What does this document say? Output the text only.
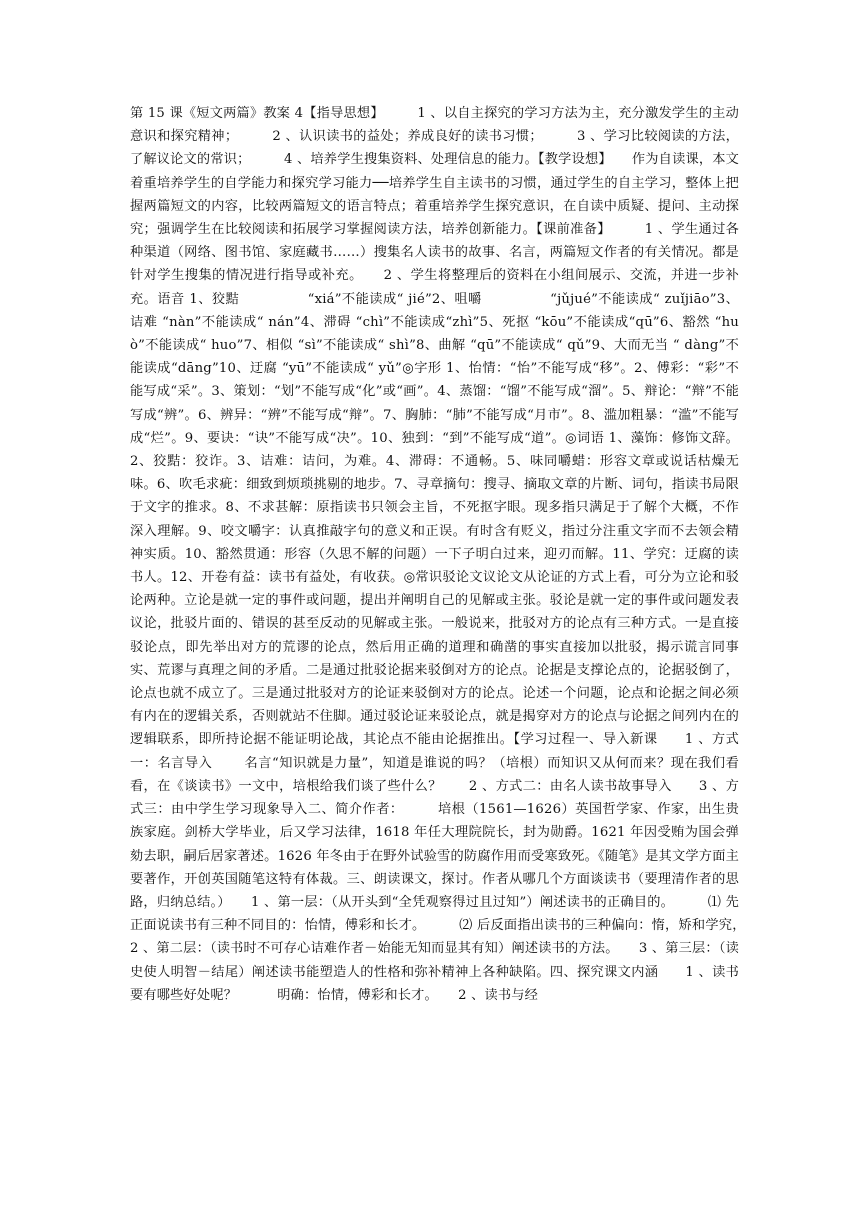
第 15 课《短文两篇》教案 4【指导思想】　　　1 、以自主探究的学习方法为主，充分激发学生的主动意识和探究精神；　　　2 、认识读书的益处；养成良好的读书习惯；　　　3 、学习比较阅读的方法，了解议论文的常识；　　　4 、培养学生搜集资料、处理信息的能力。【教学设想】　　作为自读课，本文着重培养学生的自学能力和探究学习能力──培养学生自主读书的习惯，通过学生的自主学习，整体上把握两篇短文的内容，比较两篇短文的语言特点；着重培养学生探究意识，在自读中质疑、提问、主动探究；强调学生在比较阅读和拓展学习掌握阅读方法，培养创新能力。【课前准备】　　　1 、学生通过各种渠道（网络、图书馆、家庭藏书……）搜集名人读书的故事、名言，两篇短文作者的有关情况。都是针对学生搜集的情况进行指导或补充。　　2 、学生将整理后的资料在小组间展示、交流，并进一步补充。语音 1、狡黠　　　　　“xiá”不能读成“ jié”2、咀嚼　　　　　“jǔjué”不能读成“ zuǐjiāo”3、诘难 “nàn”不能读成“ nán”4、滞碍 “chì”不能读成“zhì”5、死抠 “kōu”不能读成“qū”6、豁然 “huò”不能读成“ huo”7、相似 “sì”不能读成“ shì”8、曲解 “qū”不能读成“ qǔ”9、大而无当 “ dàng”不能读成“dāng”10、迂腐 “yū”不能读成“ yǔ”◎字形 1、怡情：“怡”不能写成“移”。2、傅彩：“彩”不能写成“采”。3、策划：“划”不能写成“化”或“画”。4、蒸馏：“馏”不能写成“溜”。5、辩论：“辩”不能写成“辨”。6、辨异：“辨”不能写成“辩”。7、胸肺：“肺”不能写成“月市”。8、滥加粗暴：“滥”不能写成“烂”。9、要诀：“诀”不能写成“决”。10、独到：“到”不能写成“道”。◎词语 1、藻饰：修饰文辞。2、狡黠：狡诈。3、诘难：诘问，为难。4、滞碍：不通畅。5、味同嚼蜡：形容文章或说话枯燥无味。6、吹毛求疵：细致到烦琐挑剔的地步。7、寻章摘句：搜寻、摘取文章的片断、词句，指读书局限于文字的推求。8、不求甚解：原指读书只领会主旨，不死抠字眼。现多指只满足于了解个大概，不作深入理解。9、咬文嚼字：认真推敲字句的意义和正误。有时含有贬义，指过分注重文字而不去领会精神实质。10、豁然贯通：形容（久思不解的问题）一下子明白过来，迎刃而解。11、学究：迂腐的读书人。12、开卷有益：读书有益处，有收获。◎常识驳论文议论文从论证的方式上看，可分为立论和驳论两种。立论是就一定的事件或问题，提出并阐明自己的见解或主张。驳论是就一定的事件或问题发表议论，批驳片面的、错误的甚至反动的见解或主张。一般说来，批驳对方的论点有三种方式。一是直接驳论点，即先举出对方的荒谬的论点，然后用正确的道理和确凿的事实直接加以批驳，揭示谎言同事实、荒谬与真理之间的矛盾。二是通过批驳论据来驳倒对方的论点。论据是支撑论点的，论据驳倒了，论点也就不成立了。三是通过批驳对方的论证来驳倒对方的论点。论述一个问题，论点和论据之间必须有内在的逻辑关系，否则就站不住脚。通过驳论证来驳论点，就是揭穿对方的论点与论据之间列内在的逻辑联系，即所持论据不能证明论战，其论点不能由论据推出。【学习过程一、导入新课　　1 、方式一：名言导入　　 名言“知识就是力量”，知道是谁说的吗？（培根）而知识又从何而来？现在我们看看，在《谈读书》一文中，培根给我们谈了些什么？　　2 、方式二：由名人读书故事导入　　3 、方式三：由中学生学习现象导入二、简介作者：　　　培根（1561—1626）英国哲学家、作家，出生贵族家庭。剑桥大学毕业，后又学习法律，1618 年任大理院院长，封为勋爵。1621 年因受贿为国会弹劾去职，嗣后居家著述。1626 年冬由于在野外试验雪的防腐作用而受寒致死。《随笔》是其文学方面主要著作，开创英国随笔这特有体裁。三、朗读课文，探讨。作者从哪几个方面谈读书（要理清作者的思路，归纳总结。）　　1 、第一层：（从开头到“全凭观察得过且过知”）阐述读书的正确目的。　　　⑴ 先正面说读书有三种不同目的：怡情，傅彩和长才。　　　⑵ 后反面指出读书的三种偏向：惰，矫和学究，　　　2 、第二层：（读书时不可存心诘难作者－始能无知而显其有知）阐述读书的方法。　　3 、第三层：（读史使人明智－结尾）阐述读书能塑造人的性格和弥补精神上各种缺陷。四、探究课文内涵　　1 、读书要有哪些好处呢？　　　明确：怡情，傅彩和长才。　　2 、读书与经
